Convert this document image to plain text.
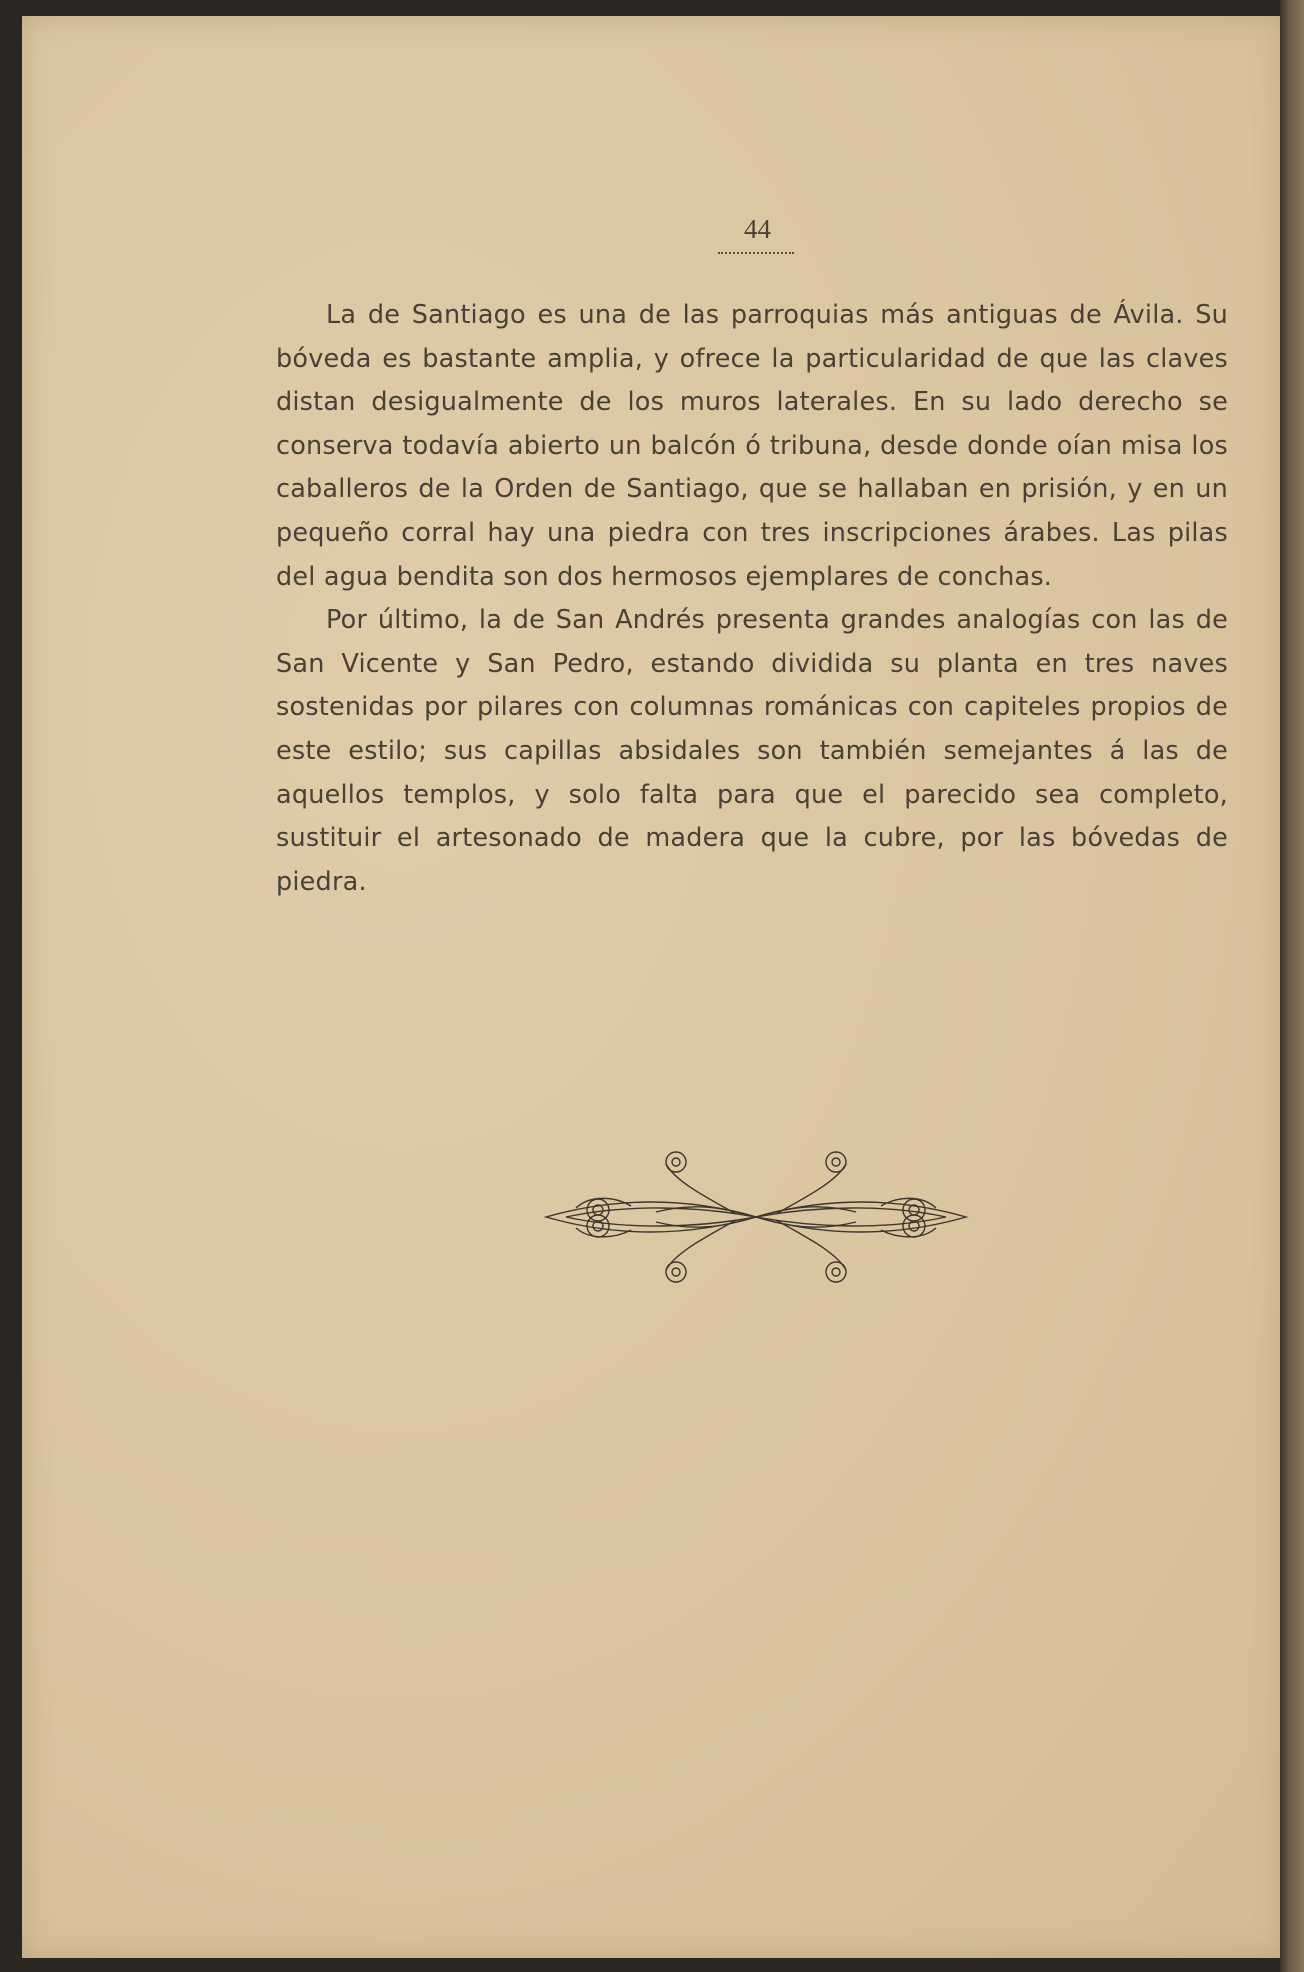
44

La de Santiago es una de las parroquias más antiguas de Ávila. Su bóveda es bastante amplia, y ofrece la particularidad de que las claves distan desigualmente de los muros laterales. En su lado derecho se conserva todavía abierto un balcón ó tribuna, desde donde oían misa los caballeros de la Orden de Santiago, que se hallaban en prisión, y en un pequeño corral hay una piedra con tres inscripciones árabes. Las pilas del agua bendita son dos hermosos ejemplares de conchas.

Por último, la de San Andrés presenta grandes analogías con las de San Vicente y San Pedro, estando dividida su planta en tres naves sostenidas por pilares con columnas románicas con capiteles propios de este estilo; sus capillas absidales son también semejantes á las de aquellos templos, y solo falta para que el parecido sea completo, sustituir el artesonado de madera que la cubre, por las bóvedas de piedra.
